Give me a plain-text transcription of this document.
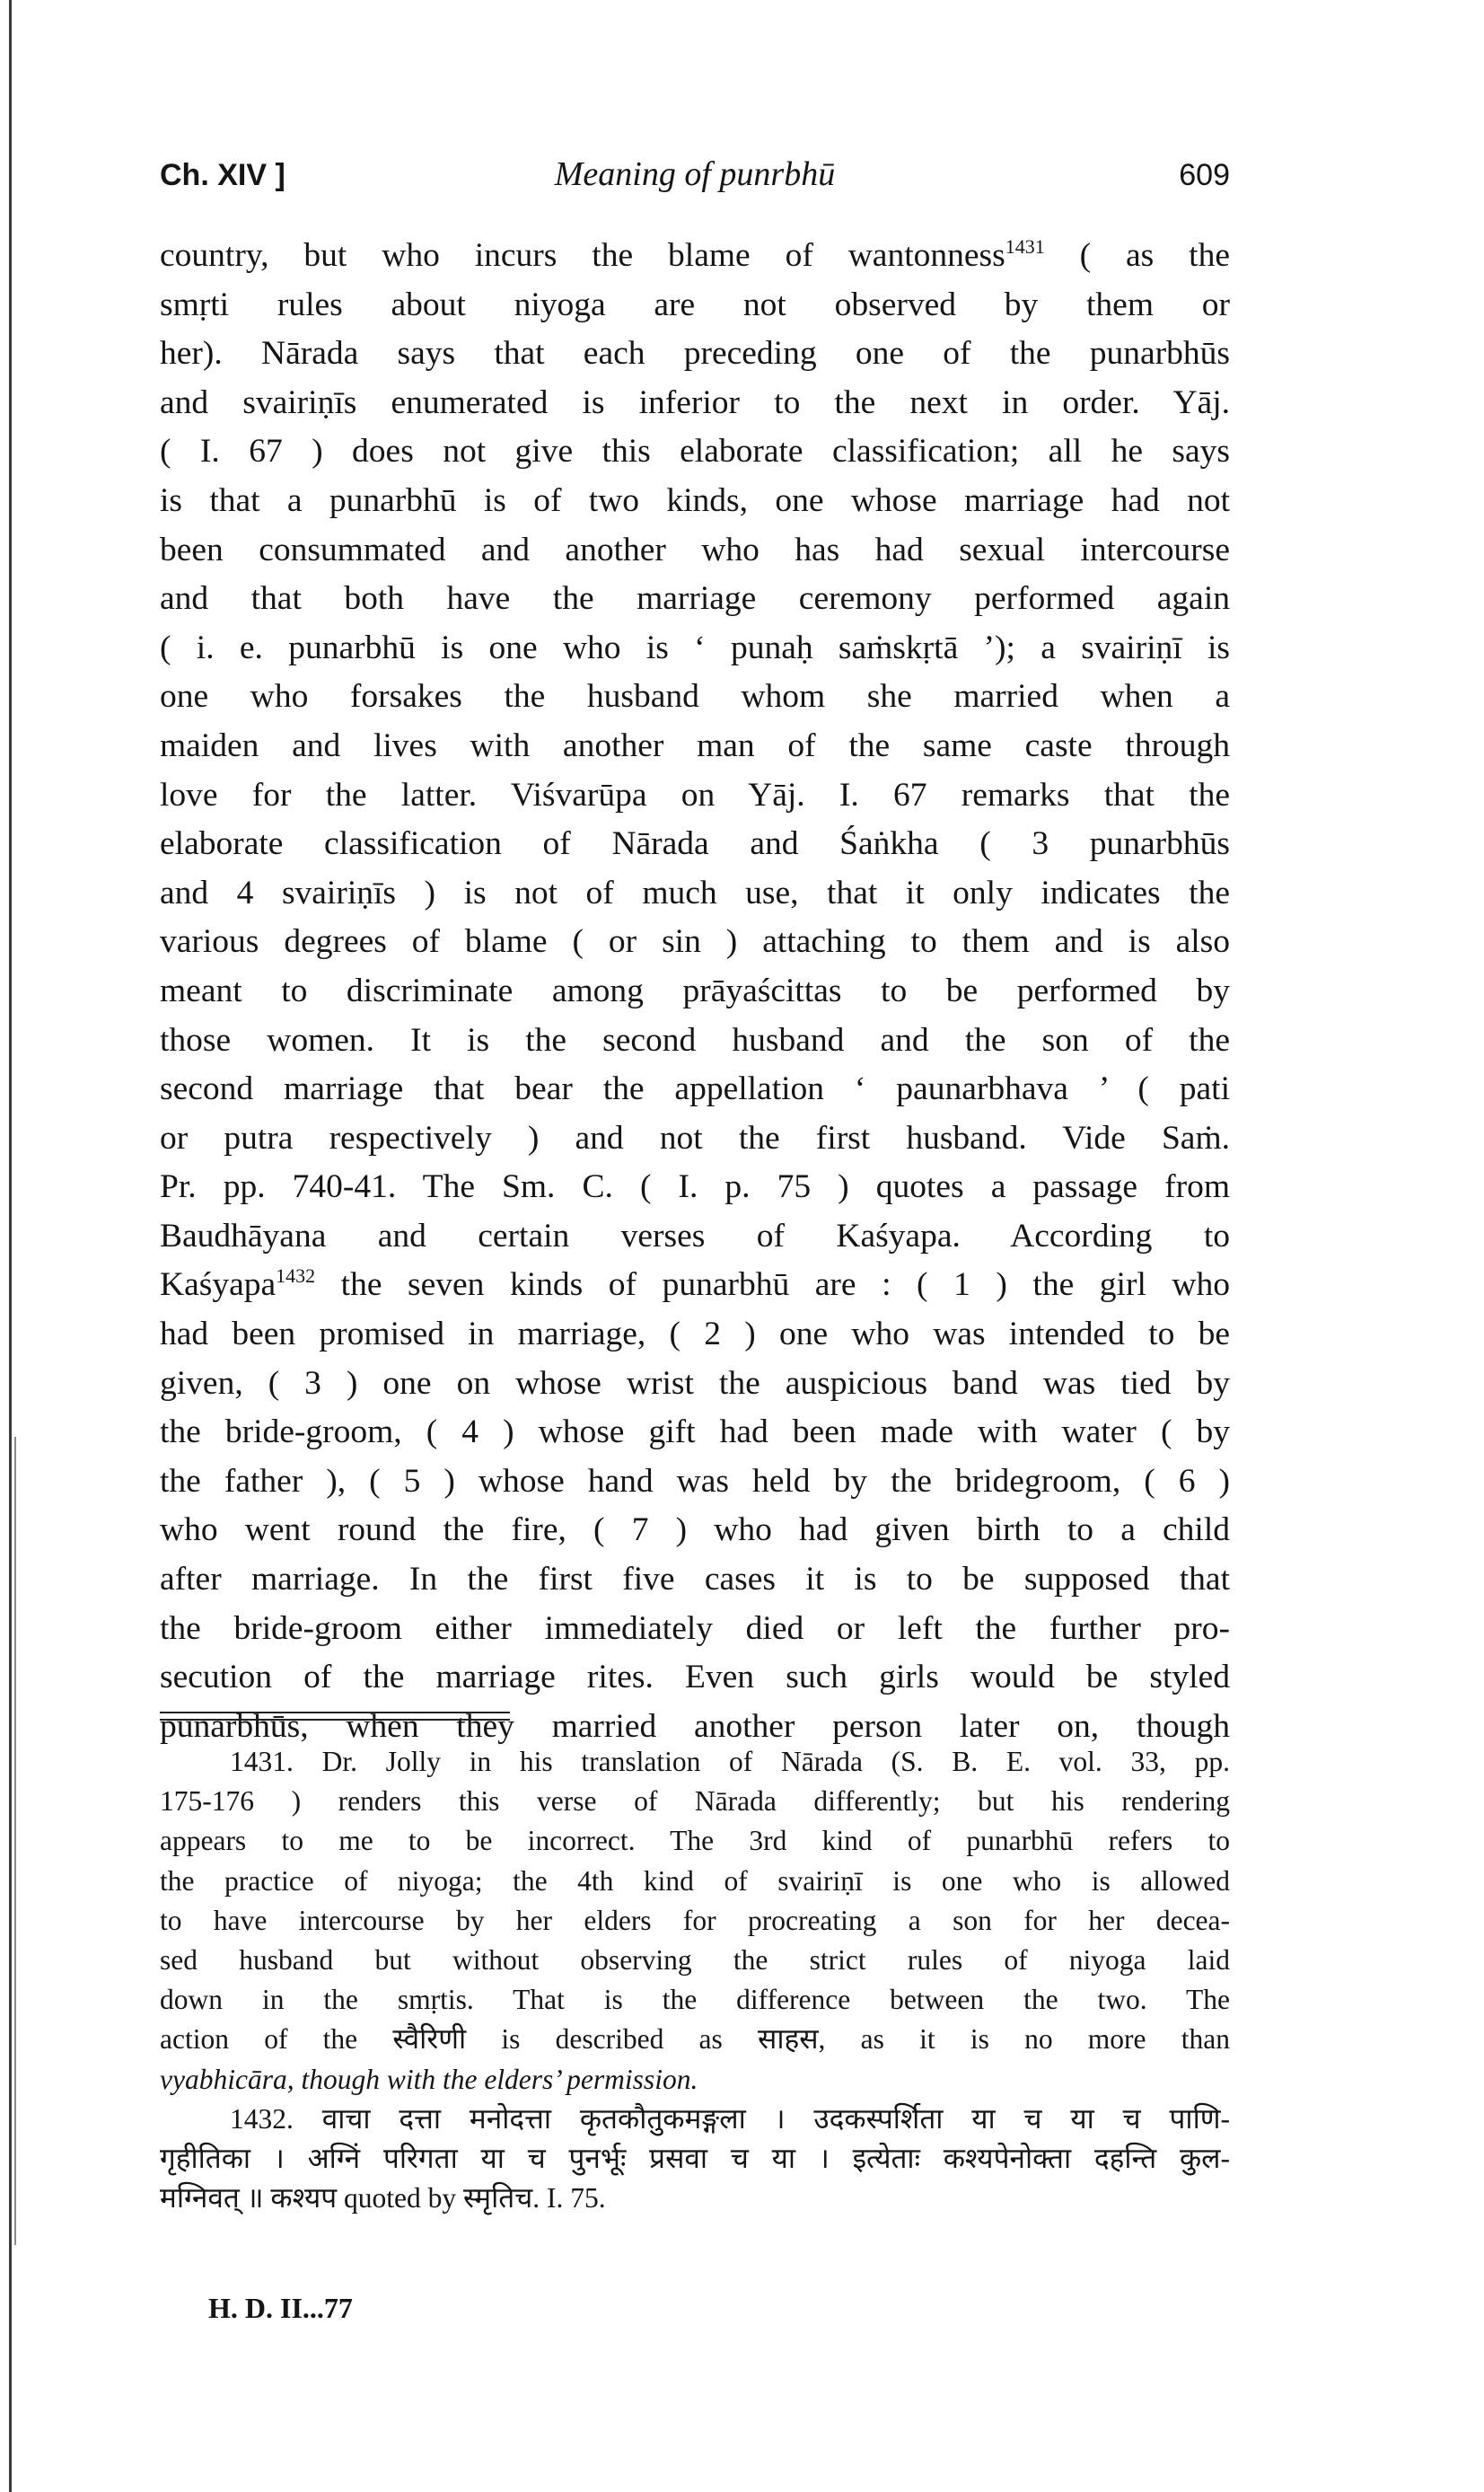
Ch. XIV ]	Meaning of punrbhū	609
country, but who incurs the blame of wantonness$^{1431}$ ( as the
smṛti rules about niyoga are not observed by them or
her). Nārada says that each preceding one of the punarbhūs
and svairiṇīs enumerated is inferior to the next in order. Yāj.
( I. 67 ) does not give this elaborate classification; all he says
is that a punarbhū is of two kinds, one whose marriage had not
been consummated and another who has had sexual intercourse
and that both have the marriage ceremony performed again
( i. e. punarbhū is one who is ‘ punaḥ saṁskṛtā ’); a svairiṇī is
one who forsakes the husband whom she married when a
maiden and lives with another man of the same caste through
love for the latter. Viśvarūpa on Yāj. I. 67 remarks that the
elaborate classification of Nārada and Śaṅkha ( 3 punarbhūs
and 4 svairiṇīs ) is not of much use, that it only indicates the
various degrees of blame ( or sin ) attaching to them and is also
meant to discriminate among prāyaścittas to be performed by
those women. It is the second husband and the son of the
second marriage that bear the appellation ‘ paunarbhava ’ ( pati
or putra respectively ) and not the first husband. Vide Saṁ.
Pr. pp. 740-41. The Sm. C. ( I. p. 75 ) quotes a passage from
Baudhāyana and certain verses of Kaśyapa. According to
Kaśyapa$^{1432}$ the seven kinds of punarbhū are : ( 1 ) the girl who
had been promised in marriage, ( 2 ) one who was intended to be
given, ( 3 ) one on whose wrist the auspicious band was tied by
the bride-groom, ( 4 ) whose gift had been made with water ( by
the father ), ( 5 ) whose hand was held by the bridegroom, ( 6 )
who went round the fire, ( 7 ) who had given birth to a child
after marriage. In the first five cases it is to be supposed that
the bride-groom either immediately died or left the further pro-
secution of the marriage rites. Even such girls would be styled
punarbhūs, when they married another person later on, though
1431. Dr. Jolly in his translation of Nārada (S. B. E. vol. 33, pp.
175-176 ) renders this verse of Nārada differently; but his rendering
appears to me to be incorrect. The 3rd kind of punarbhū refers to
the practice of niyoga; the 4th kind of svairiṇī is one who is allowed
to have intercourse by her elders for procreating a son for her decea-
sed husband but without observing the strict rules of niyoga laid
down in the smṛtis. That is the difference between the two. The
action of the स्वैरिणी is described as साहस, as it is no more than
vyabhicāra, though with the elders’ permission.
1432. वाचा दत्ता मनोदत्ता कृतकौतुकमङ्गला । उदकस्पर्शिता या च या च पाणि-
गृहीतिका । अग्निं परिगता या च पुनर्भूः प्रसवा च या । इत्येताः कश्यपेनोक्ता दहन्ति कुल-
मग्निवत् ॥ कश्यप quoted by स्मृतिच. I. 75.
H. D. II...77
